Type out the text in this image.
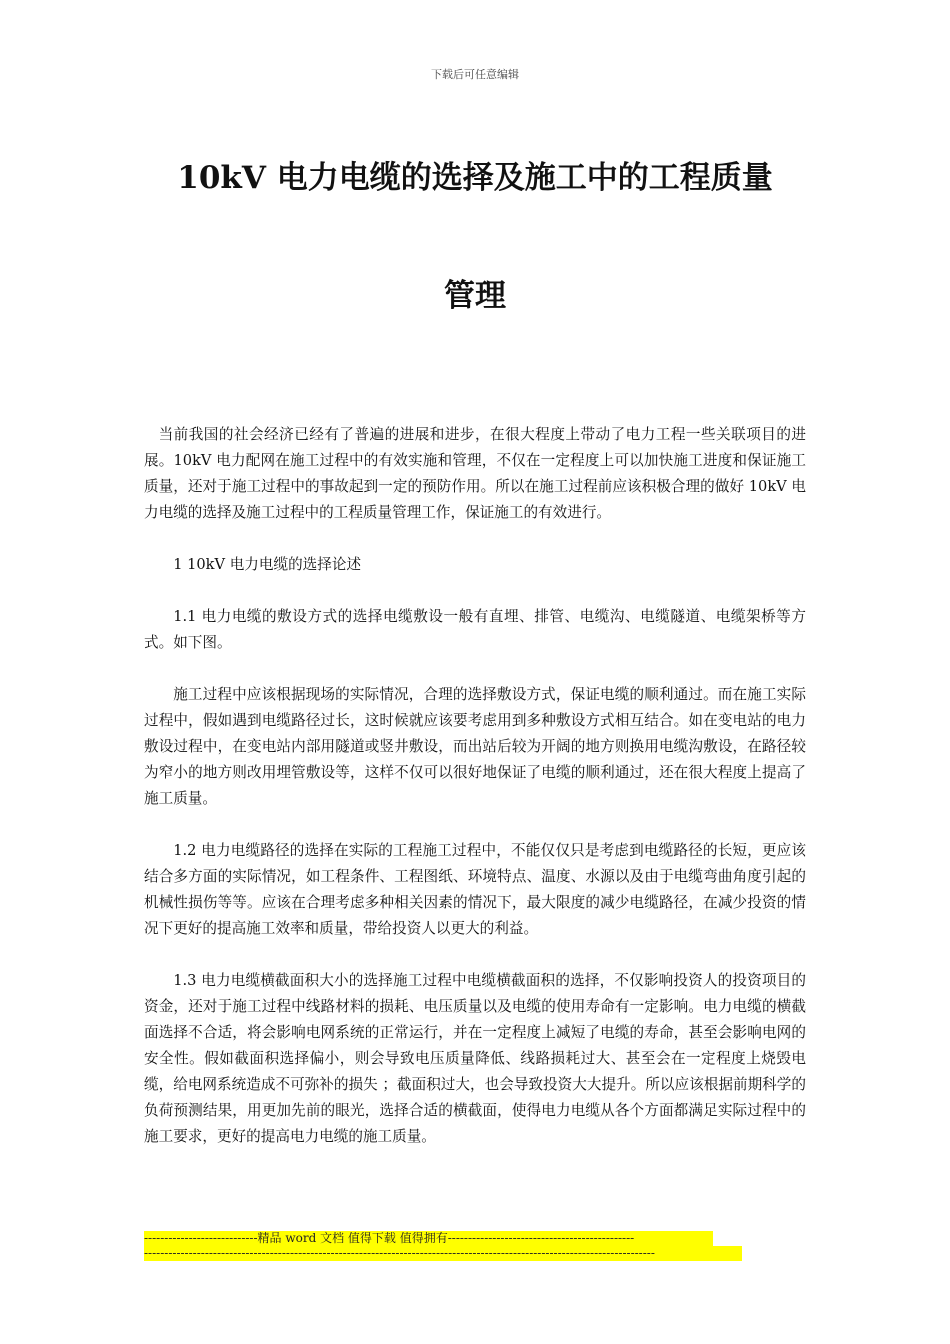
下载后可任意编辑
10kV 电力电缆的选择及施工中的工程质量
管理

当前我国的社会经济已经有了普遍的进展和进步，在很大程度上带动了电力工程一些关联项目的进展。10kV 电力配网在施工过程中的有效实施和管理，不仅在一定程度上可以加快施工进度和保证施工质量，还对于施工过程中的事故起到一定的预防作用。所以在施工过程前应该积极合理的做好 10kV 电力电缆的选择及施工过程中的工程质量管理工作，保证施工的有效进行。

1 10kV 电力电缆的选择论述

1.1 电力电缆的敷设方式的选择电缆敷设一般有直埋、排管、电缆沟、电缆隧道、电缆架桥等方式。如下图。

施工过程中应该根据现场的实际情况，合理的选择敷设方式，保证电缆的顺利通过。而在施工实际过程中，假如遇到电缆路径过长，这时候就应该要考虑用到多种敷设方式相互结合。如在变电站的电力敷设过程中，在变电站内部用隧道或竖井敷设，而出站后较为开阔的地方则换用电缆沟敷设，在路径较为窄小的地方则改用埋管敷设等，这样不仅可以很好地保证了电缆的顺利通过，还在很大程度上提高了施工质量。

1.2 电力电缆路径的选择在实际的工程施工过程中，不能仅仅只是考虑到电缆路径的长短，更应该结合多方面的实际情况，如工程条件、工程图纸、环境特点、温度、水源以及由于电缆弯曲角度引起的机械性损伤等等。应该在合理考虑多种相关因素的情况下，最大限度的减少电缆路径，在减少投资的情况下更好的提高施工效率和质量，带给投资人以更大的利益。

1.3 电力电缆横截面积大小的选择施工过程中电缆横截面积的选择，不仅影响投资人的投资项目的资金，还对于施工过程中线路材料的损耗、电压质量以及电缆的使用寿命有一定影响。电力电缆的横截面选择不合适，将会影响电网系统的正常运行，并在一定程度上减短了电缆的寿命，甚至会影响电网的安全性。假如截面积选择偏小，则会导致电压质量降低、线路损耗过大、甚至会在一定程度上烧毁电缆，给电网系统造成不可弥补的损失 ；截面积过大，也会导致投资大大提升。所以应该根据前期科学的负荷预测结果，用更加先前的眼光，选择合适的横截面，使得电力电缆从各个方面都满足实际过程中的施工要求，更好的提高电力电缆的施工质量。

----------------------------精品 word 文档 值得下载 值得拥有----------------------------------------------
------------------------------------------------------------------------------------------------------------------------------
